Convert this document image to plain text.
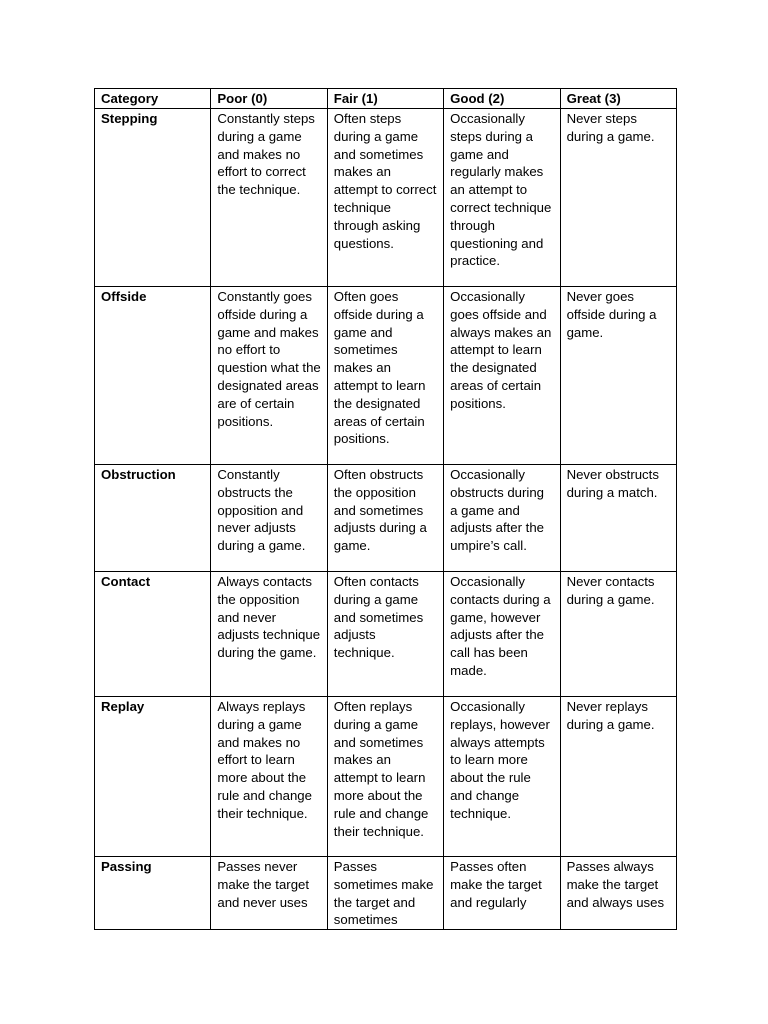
Category	Poor (0)	Fair (1)	Good (2)	Great (3)
Stepping	Constantly steps during a game and makes no effort to correct the technique.	Often steps during a game and sometimes makes an attempt to correct technique through asking questions.	Occasionally steps during a game and regularly makes an attempt to correct technique through questioning and practice.	Never steps during a game.
Offside	Constantly goes offside during a game and makes no effort to question what the designated areas are of certain positions.	Often goes offside during a game and sometimes makes an attempt to learn the designated areas of certain positions.	Occasionally goes offside and always makes an attempt to learn the designated areas of certain positions.	Never goes offside during a game.
Obstruction	Constantly obstructs the opposition and never adjusts during a game.	Often obstructs the opposition and sometimes adjusts during a game.	Occasionally obstructs during a game and adjusts after the umpire’s call.	Never obstructs during a match.
Contact	Always contacts the opposition and never adjusts technique during the game.	Often contacts during a game and sometimes adjusts technique.	Occasionally contacts during a game, however adjusts after the call has been made.	Never contacts during a game.
Replay	Always replays during a game and makes no effort to learn more about the rule and change their technique.	Often replays during a game and sometimes makes an attempt to learn more about the rule and change their technique.	Occasionally replays, however always attempts to learn more about the rule and change technique.	Never replays during a game.
Passing	Passes never make the target and never uses	Passes sometimes make the target and sometimes	Passes often make the target and regularly	Passes always make the target and always uses
